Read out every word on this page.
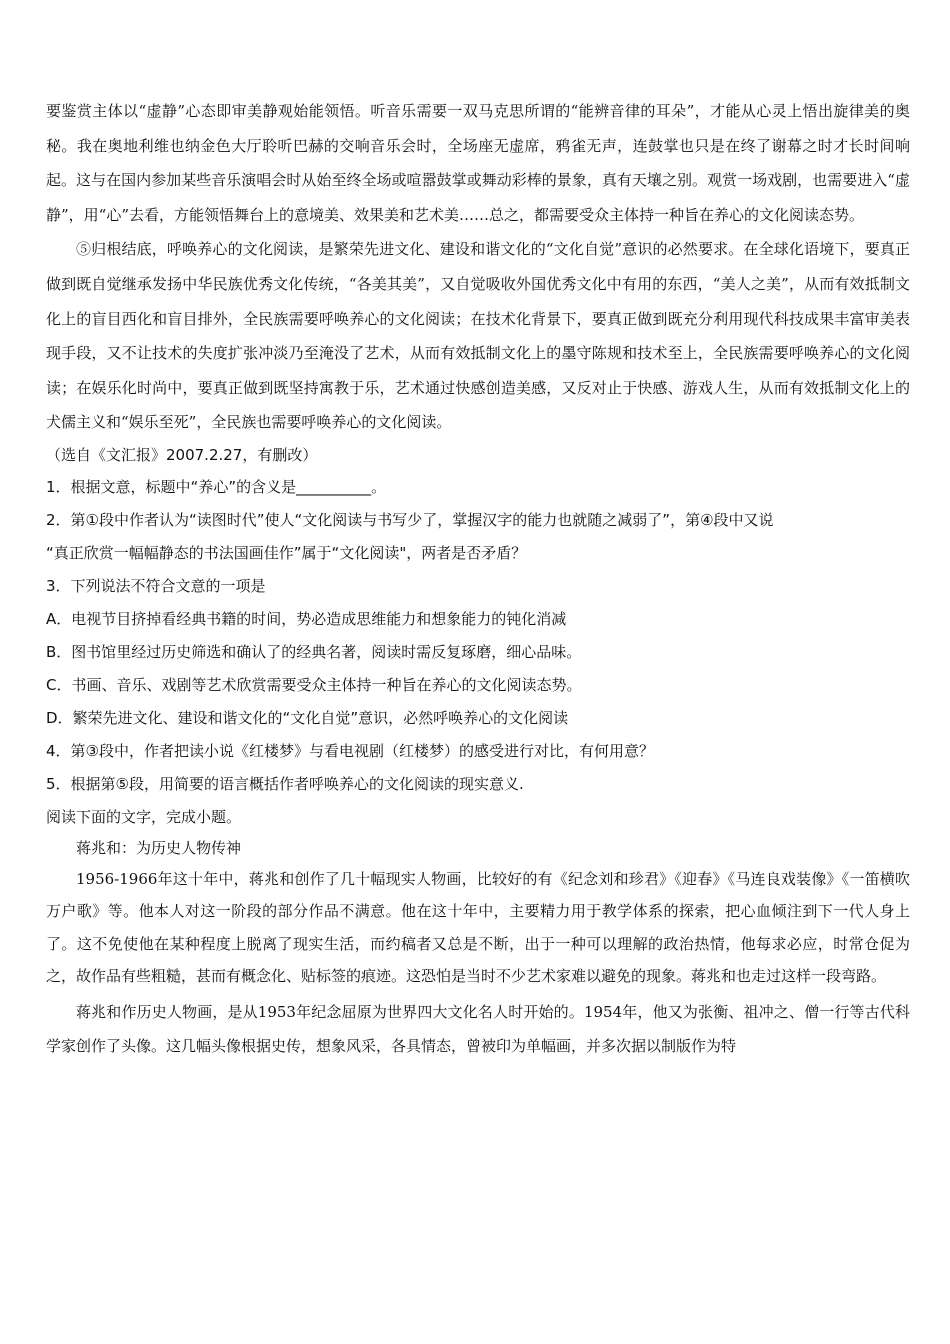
要鉴赏主体以“虚静”心态即审美静观始能领悟。听音乐需要一双马克思所谓的“能辨音律的耳朵”，才能从心灵上悟出旋律美的奥秘。我在奥地利维也纳金色大厅聆听巴赫的交响音乐会时，全场座无虚席，鸦雀无声，连鼓掌也只是在终了谢幕之时才长时间响起。这与在国内参加某些音乐演唱会时从始至终全场或喧嚣鼓掌或舞动彩棒的景象，真有天壤之别。观赏一场戏剧，也需要进入“虚静”，用“心”去看，方能领悟舞台上的意境美、效果美和艺术美……总之，都需要受众主体持一种旨在养心的文化阅读态势。

⑤归根结底，呼唤养心的文化阅读，是繁荣先进文化、建设和谐文化的“文化自觉”意识的必然要求。在全球化语境下，要真正做到既自觉继承发扬中华民族优秀文化传统，“各美其美”，又自觉吸收外国优秀文化中有用的东西，“美人之美”，从而有效抵制文化上的盲目西化和盲目排外，全民族需要呼唤养心的文化阅读；在技术化背景下，要真正做到既充分利用现代科技成果丰富审美表现手段，又不让技术的失度扩张冲淡乃至淹没了艺术，从而有效抵制文化上的墨守陈规和技术至上，全民族需要呼唤养心的文化阅读；在娱乐化时尚中，要真正做到既坚持寓教于乐，艺术通过快感创造美感，又反对止于快感、游戏人生，从而有效抵制文化上的犬儒主义和“娱乐至死”，全民族也需要呼唤养心的文化阅读。

（选自《文汇报》2007.2.27，有删改）

1．根据文意，标题中“养心”的含义是__________。

2．第①段中作者认为“读图时代”使人“文化阅读与书写少了，掌握汉字的能力也就随之减弱了”，第④段中又说

“真正欣赏一幅幅静态的书法国画佳作”属于“文化阅读"，两者是否矛盾？

3．下列说法不符合文意的一项是

A．电视节目挤掉看经典书籍的时间，势必造成思维能力和想象能力的钝化消减

B．图书馆里经过历史筛选和确认了的经典名著，阅读时需反复琢磨，细心品味。

C．书画、音乐、戏剧等艺术欣赏需要受众主体持一种旨在养心的文化阅读态势。

D．繁荣先进文化、建设和谐文化的“文化自觉”意识，必然呼唤养心的文化阅读

4．第③段中，作者把读小说《红楼梦》与看电视剧（红楼梦）的感受进行对比，有何用意？

5．根据第⑤段，用简要的语言概括作者呼唤养心的文化阅读的现实意义.

阅读下面的文字，完成小题。

蒋兆和：为历史人物传神

1956-1966年这十年中，蒋兆和创作了几十幅现实人物画，比较好的有《纪念刘和珍君》《迎春》《马连良戏装像》《一笛横吹万户歌》等。他本人对这一阶段的部分作品不满意。他在这十年中，主要精力用于教学体系的探索，把心血倾注到下一代人身上了。这不免使他在某种程度上脱离了现实生活，而约稿者又总是不断，出于一种可以理解的政治热情，他每求必应，时常仓促为之，故作品有些粗糙，甚而有概念化、贴标签的痕迹。这恐怕是当时不少艺术家难以避免的现象。蒋兆和也走过这样一段弯路。

蒋兆和作历史人物画，是从1953年纪念屈原为世界四大文化名人时开始的。1954年，他又为张衡、祖冲之、僧一行等古代科学家创作了头像。这几幅头像根据史传，想象风采，各具情态，曾被印为单幅画，并多次据以制版作为特
